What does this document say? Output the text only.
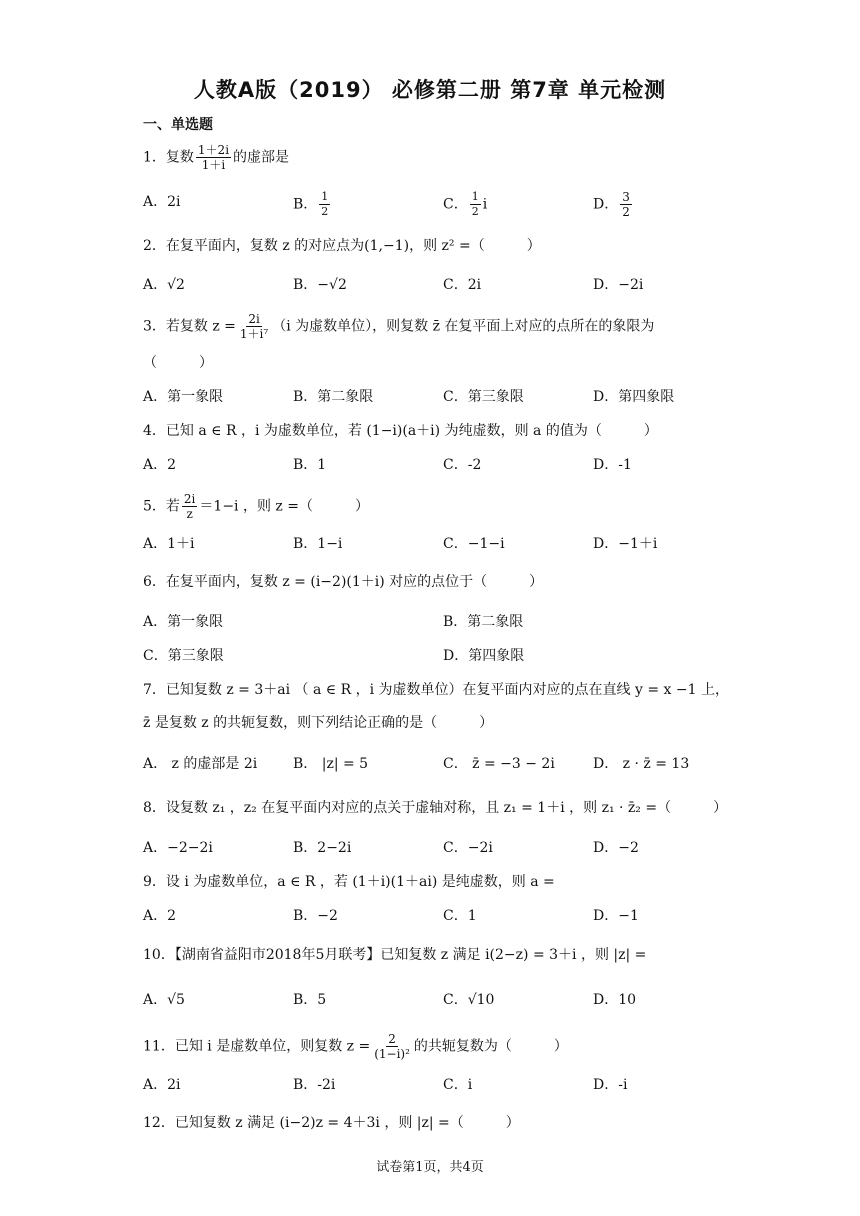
人教A版（2019） 必修第二册 第7章 单元检测
一、单选题
1．复数 $\frac{1+2i}{1+i}$ 的虚部是
A．2i	B． $\frac{1}{2}$	C． $\frac{1}{2}$ i	D． $\frac{3}{2}$
2．在复平面内，复数 z 的对应点为(1,−1)，则 z² =（　　　）
A．√2	B．−√2	C．2i	D．−2i
3．若复数 $z = \frac{2i}{\text{1＋i⁷}} (i$ 为虚数单位），则复数 z̄ 在复平面上对应的点所在的象限为
（　　　）
A．第一象限	B．第二象限	C．第三象限	D．第四象限
4．已知 a ∈ R ，i 为虚数单位，若 (1−i)(a＋i) 为纯虚数，则 a 的值为（　　　）
A．2	B．1	C．-2	D．-1
5．若 $\frac{2i}{z} =1-i$ ，则 z =（　　　）
A．1＋i	B．1−i	C．−1−i	D．−1＋i
6．在复平面内，复数 z = (i−2)(1＋i) 对应的点位于（　　　）
A．第一象限	B．第二象限
C．第三象限	D．第四象限
7．已知复数 z = 3＋ai （ a ∈ R ，i 为虚数单位）在复平面内对应的点在直线 y = x −1 上，
z̄ 是复数 z 的共轭复数，则下列结论正确的是（　　　）
A． z 的虚部是 2i	B． |z| = 5	C． z̄ = −3 − 2i	D． z · z̄ = 13
8．设复数 z₁ ，z₂ 在复平面内对应的点关于虚轴对称，且 z₁ = 1＋i ，则 z₁ · z̄₂ =（　　　）
A．−2−2i	B．2−2i	C．−2i	D．−2
9．设 i 为虚数单位，a ∈ R ，若 (1＋i)(1＋ai) 是纯虚数，则 a =
A．2	B．−2	C．1	D．−1
10．【湖南省益阳市2018年5月联考】已知复数 z 满足 i(2−z) = 3＋i ，则 |z| =
A．√5	B．5	C．√10	D．10
11．已知 i 是虚数单位，则复数 $z = \frac{2}{\text{(1−i)²}}$ 的共轭复数为（　　　）
A．2i	B．-2i	C．i	D．-i
12．已知复数 z 满足 (i−2)z = 4＋3i ，则 |z| =（　　　）
试卷第1页，共4页
